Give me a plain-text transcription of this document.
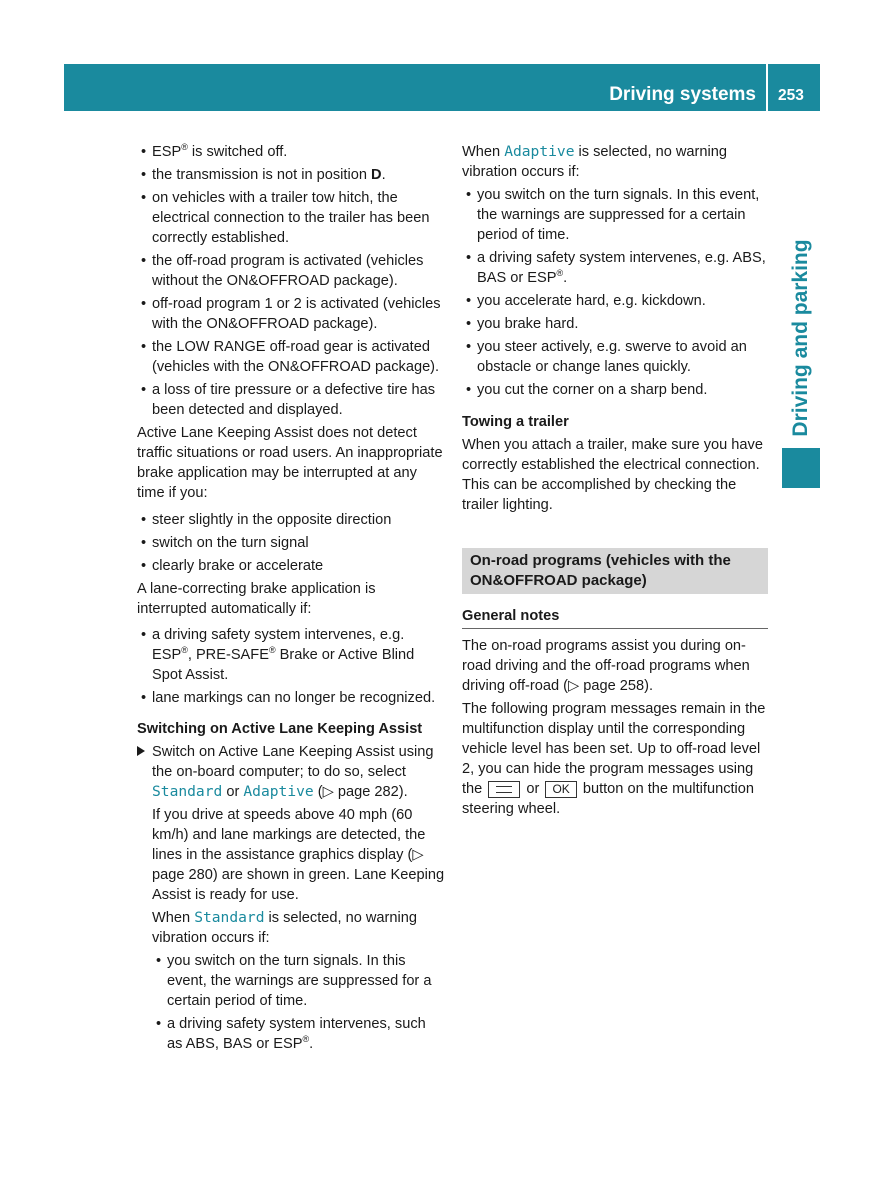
Driving systems 253
Driving and parking
• ESP® is switched off.
• the transmission is not in position D.
• on vehicles with a trailer tow hitch, the electrical connection to the trailer has been correctly established.
• the off-road program is activated (vehicles without the ON&OFFROAD package).
• off-road program 1 or 2 is activated (vehicles with the ON&OFFROAD package).
• the LOW RANGE off-road gear is activated (vehicles with the ON&OFFROAD package).
• a loss of tire pressure or a defective tire has been detected and displayed.

Active Lane Keeping Assist does not detect traffic situations or road users. An inappropriate brake application may be interrupted at any time if you:

• steer slightly in the opposite direction
• switch on the turn signal
• clearly brake or accelerate

A lane-correcting brake application is interrupted automatically if:

• a driving safety system intervenes, e.g. ESP®, PRE-SAFE® Brake or Active Blind Spot Assist.
• lane markings can no longer be recognized.
Switching on Active Lane Keeping Assist

Switch on Active Lane Keeping Assist using the on-board computer; to do so, select Standard or Adaptive (▷ page 282).

If you drive at speeds above 40 mph (60 km/h) and lane markings are detected, the lines in the assistance graphics display (▷ page 280) are shown in green. Lane Keeping Assist is ready for use.

When Standard is selected, no warning vibration occurs if:

• you switch on the turn signals. In this event, the warnings are suppressed for a certain period of time.
• a driving safety system intervenes, such as ABS, BAS or ESP®.

When Adaptive is selected, no warning vibration occurs if:

• you switch on the turn signals. In this event, the warnings are suppressed for a certain period of time.
• a driving safety system intervenes, e.g. ABS, BAS or ESP®.
• you accelerate hard, e.g. kickdown.
• you brake hard.
• you steer actively, e.g. swerve to avoid an obstacle or change lanes quickly.
• you cut the corner on a sharp bend.
Towing a trailer

When you attach a trailer, make sure you have correctly established the electrical connection. This can be accomplished by checking the trailer lighting.

On-road programs (vehicles with the ON&OFFROAD package)
General notes

The on-road programs assist you during on-road driving and the off-road programs when driving off-road (▷ page 258).

The following program messages remain in the multifunction display until the corresponding vehicle level has been set. Up to off-road level 2, you can hide the program messages using the  or OK button on the multifunction steering wheel.
